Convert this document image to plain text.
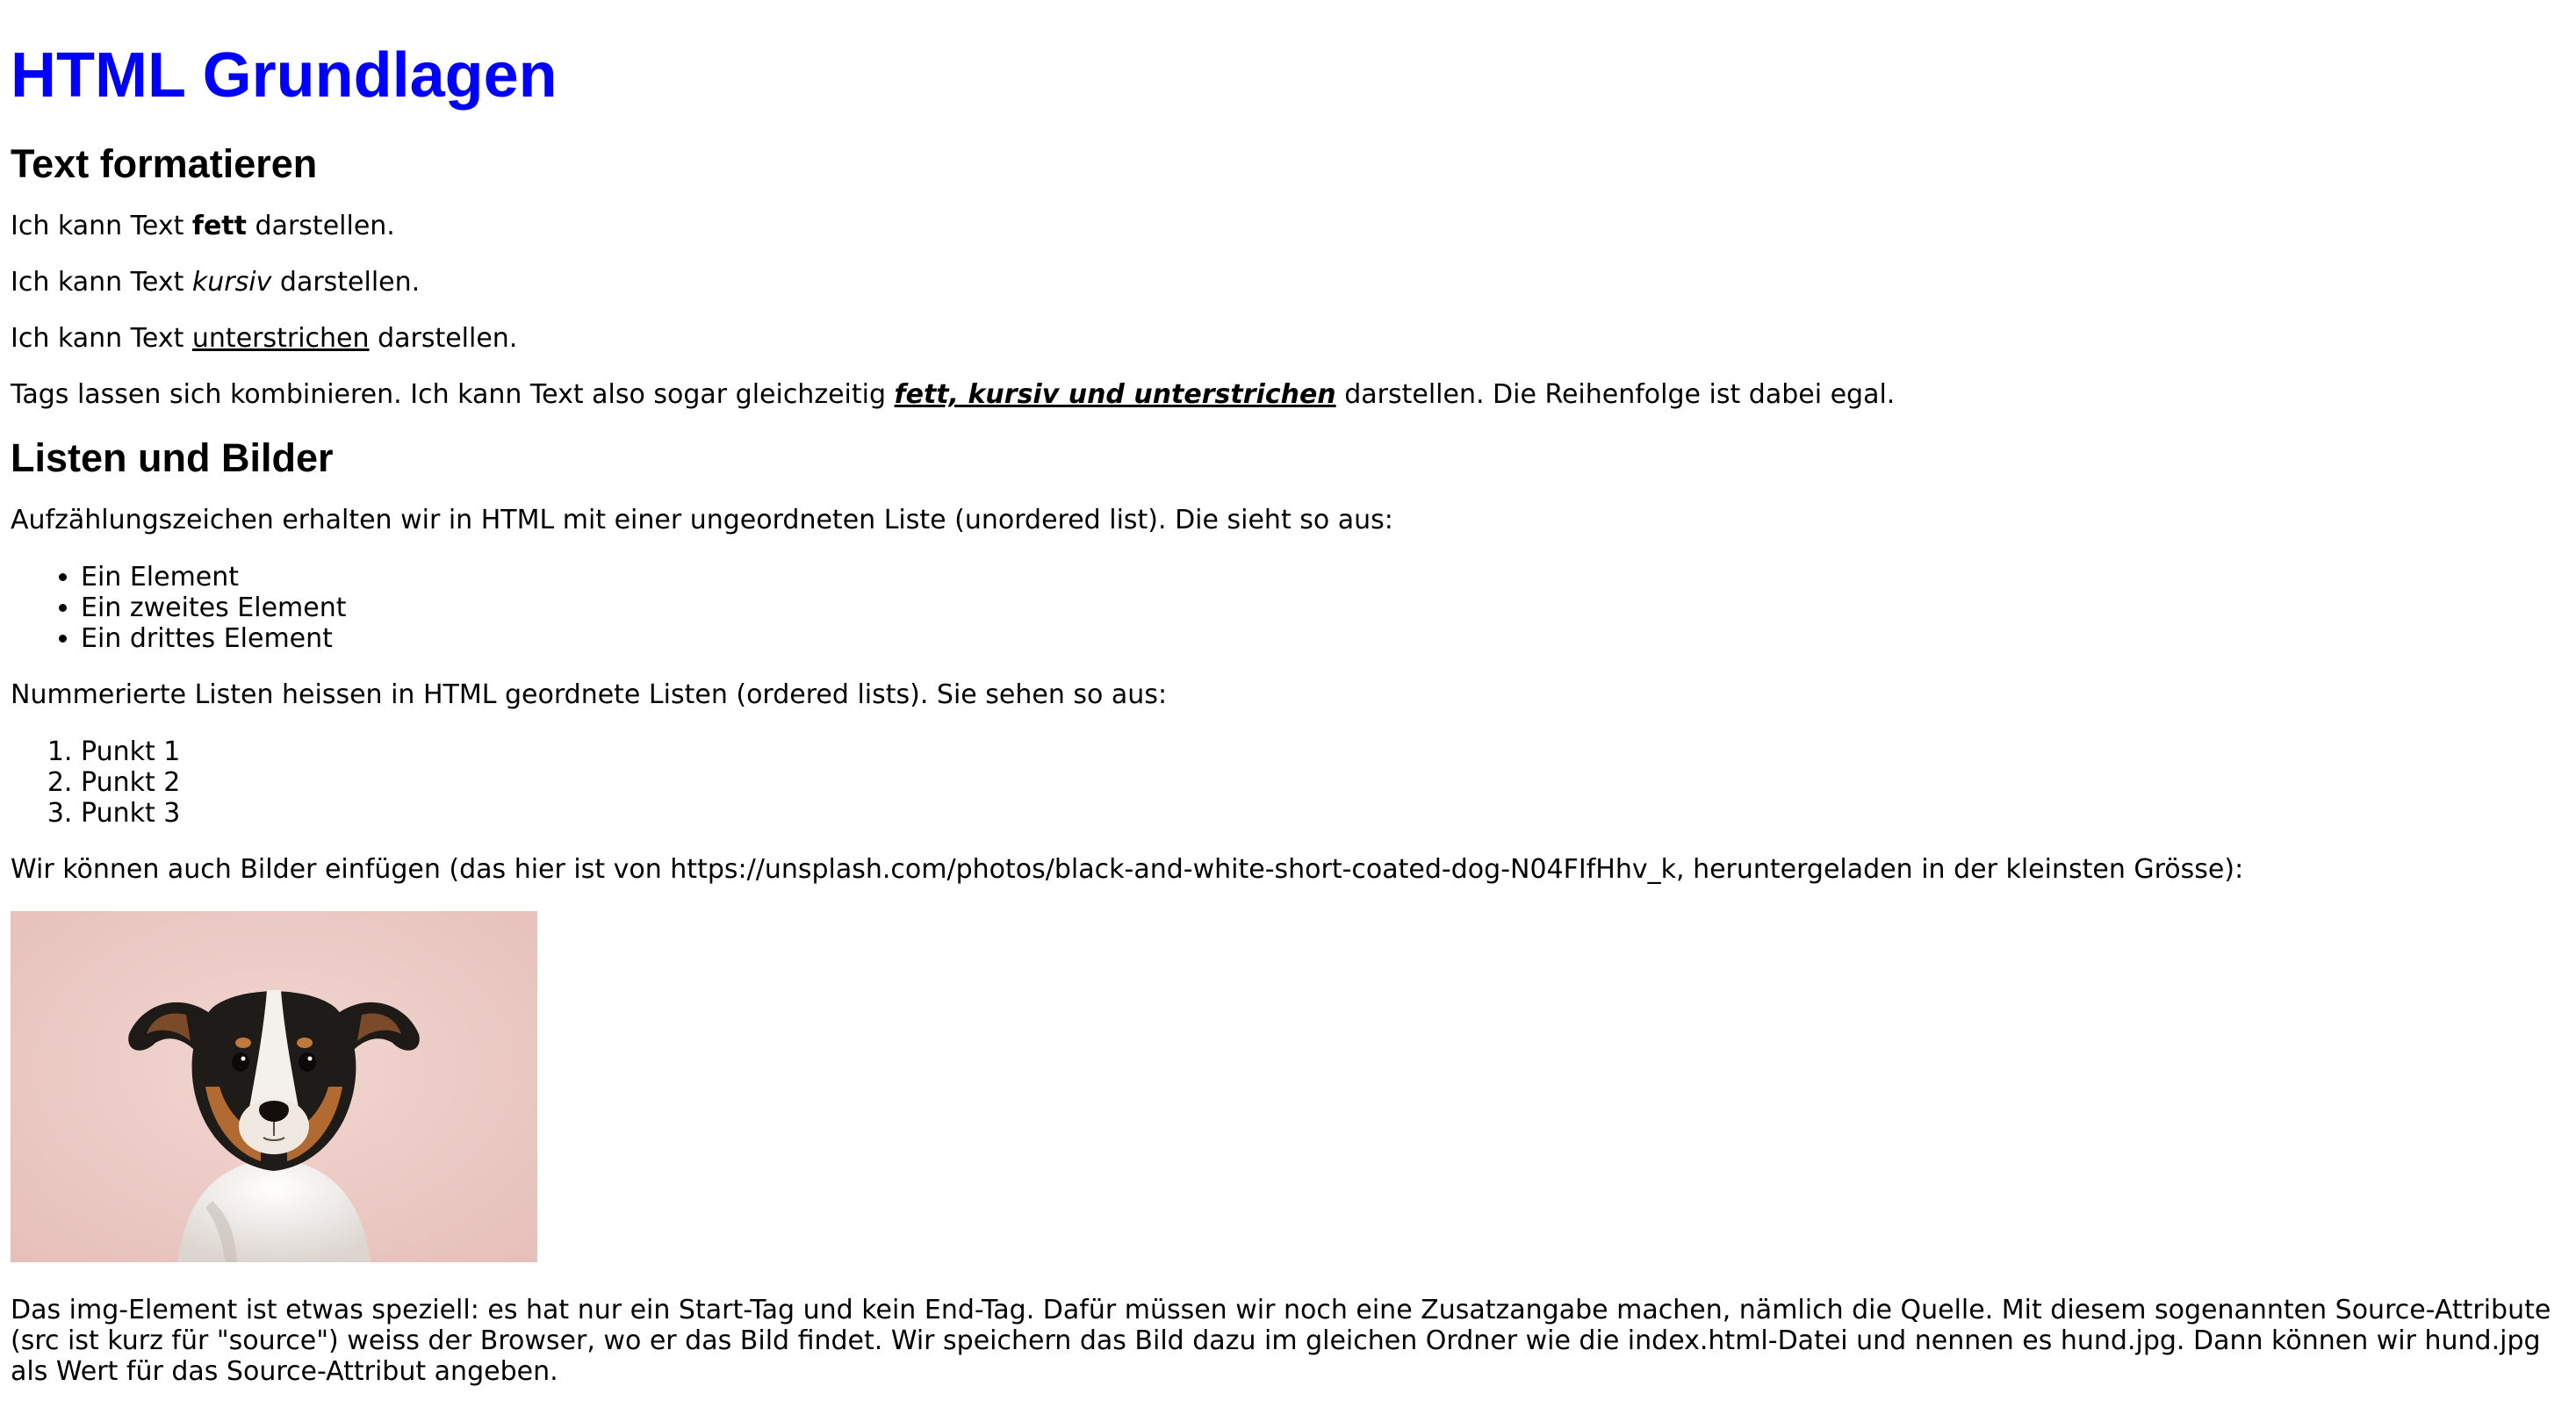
HTML Grundlagen
Text formatieren

Ich kann Text fett darstellen.

Ich kann Text kursiv darstellen.

Ich kann Text unterstrichen darstellen.

Tags lassen sich kombinieren. Ich kann Text also sogar gleichzeitig fett, kursiv und unterstrichen darstellen. Die Reihenfolge ist dabei egal.

Listen und Bilder

Aufzählungszeichen erhalten wir in HTML mit einer ungeordneten Liste (unordered list). Die sieht so aus:

• Ein Element
• Ein zweites Element
• Ein drittes Element

Nummerierte Listen heissen in HTML geordnete Listen (ordered lists). Sie sehen so aus:

1. Punkt 1
2. Punkt 2
3. Punkt 3

Wir können auch Bilder einfügen (das hier ist von https://unsplash.com/photos/black-and-white-short-coated-dog-N04FIfHhv_k, heruntergeladen in der kleinsten Grösse):

Das img-Element ist etwas speziell: es hat nur ein Start-Tag und kein End-Tag. Dafür müssen wir noch eine Zusatzangabe machen, nämlich die Quelle. Mit diesem sogenannten Source-Attribute (src ist kurz für "source") weiss der Browser, wo er das Bild findet. Wir speichern das Bild dazu im gleichen Ordner wie die index.html-Datei und nennen es hund.jpg. Dann können wir hund.jpg als Wert für das Source-Attribut angeben.
